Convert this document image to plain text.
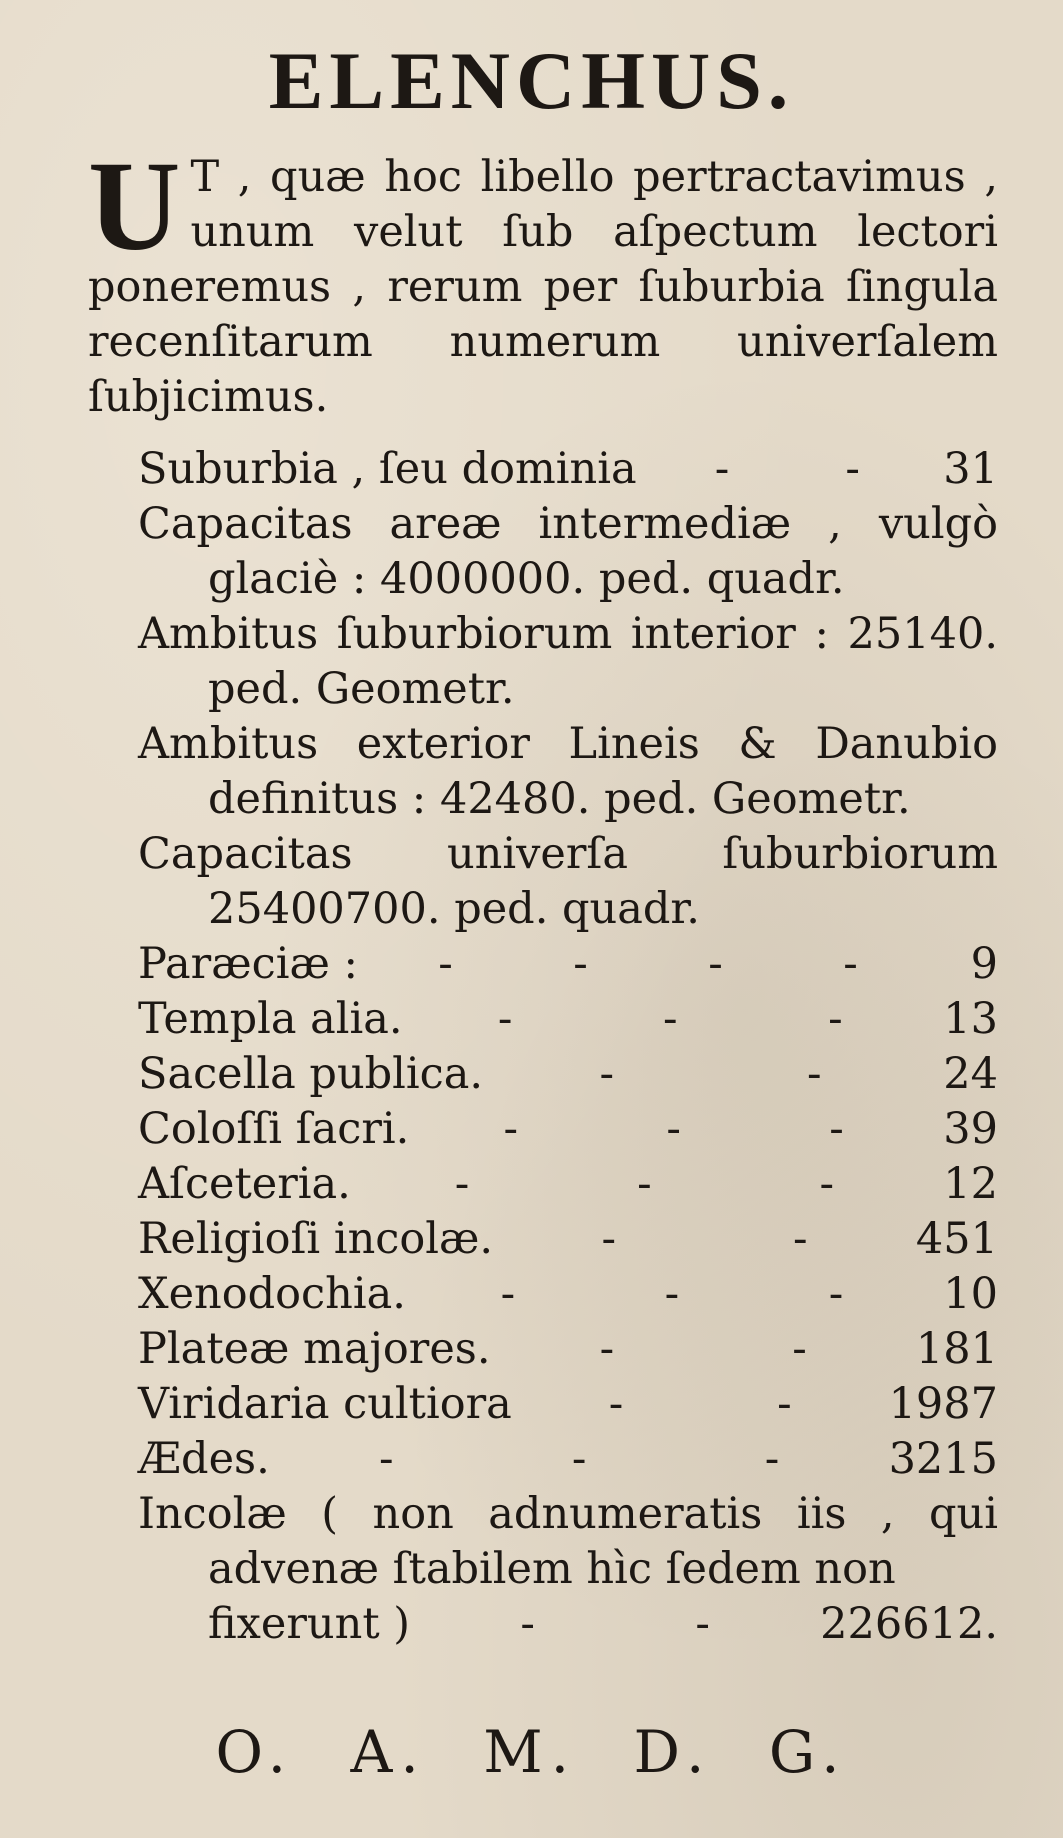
ELENCHUS.
U T , quæ hoc libello pertractavimus , unum velut ſub aſpectum lectori poneremus , rerum per ſuburbia ſingula recenſitarum numerum univerſalem ſubjicimus.
Suburbia , ſeu dominia -	- 31
Capacitas areæ intermediæ , vulgò glaciè : 4000000. ped. quadr.
Ambitus ſuburbiorum interior : 25140. ped. Geometr.
Ambitus exterior Lineis & Danubio definitus : 42480. ped. Geometr.
Capacitas univerſa ſuburbiorum 25400700. ped. quadr.
Paræciæ : -	-	-	-	9
Templa alia. -	-	- 13
Sacella publica.	-	-	24
Coloſſi ſacri. -	-	- 39
Aſceteria. -	-	-	12
Religioſi incolæ.	-	-	451
Xenodochia. -	-	- 10
Plateæ majores.	-	-	181
Viridaria cultiora -	- 1987
Ædes.	-	-	-	3215
Incolæ ( non adnumeratis iis , qui advenæ ſtabilem hìc ſedem non
fixerunt )	-	-	226612.
O. A. M. D. G.
